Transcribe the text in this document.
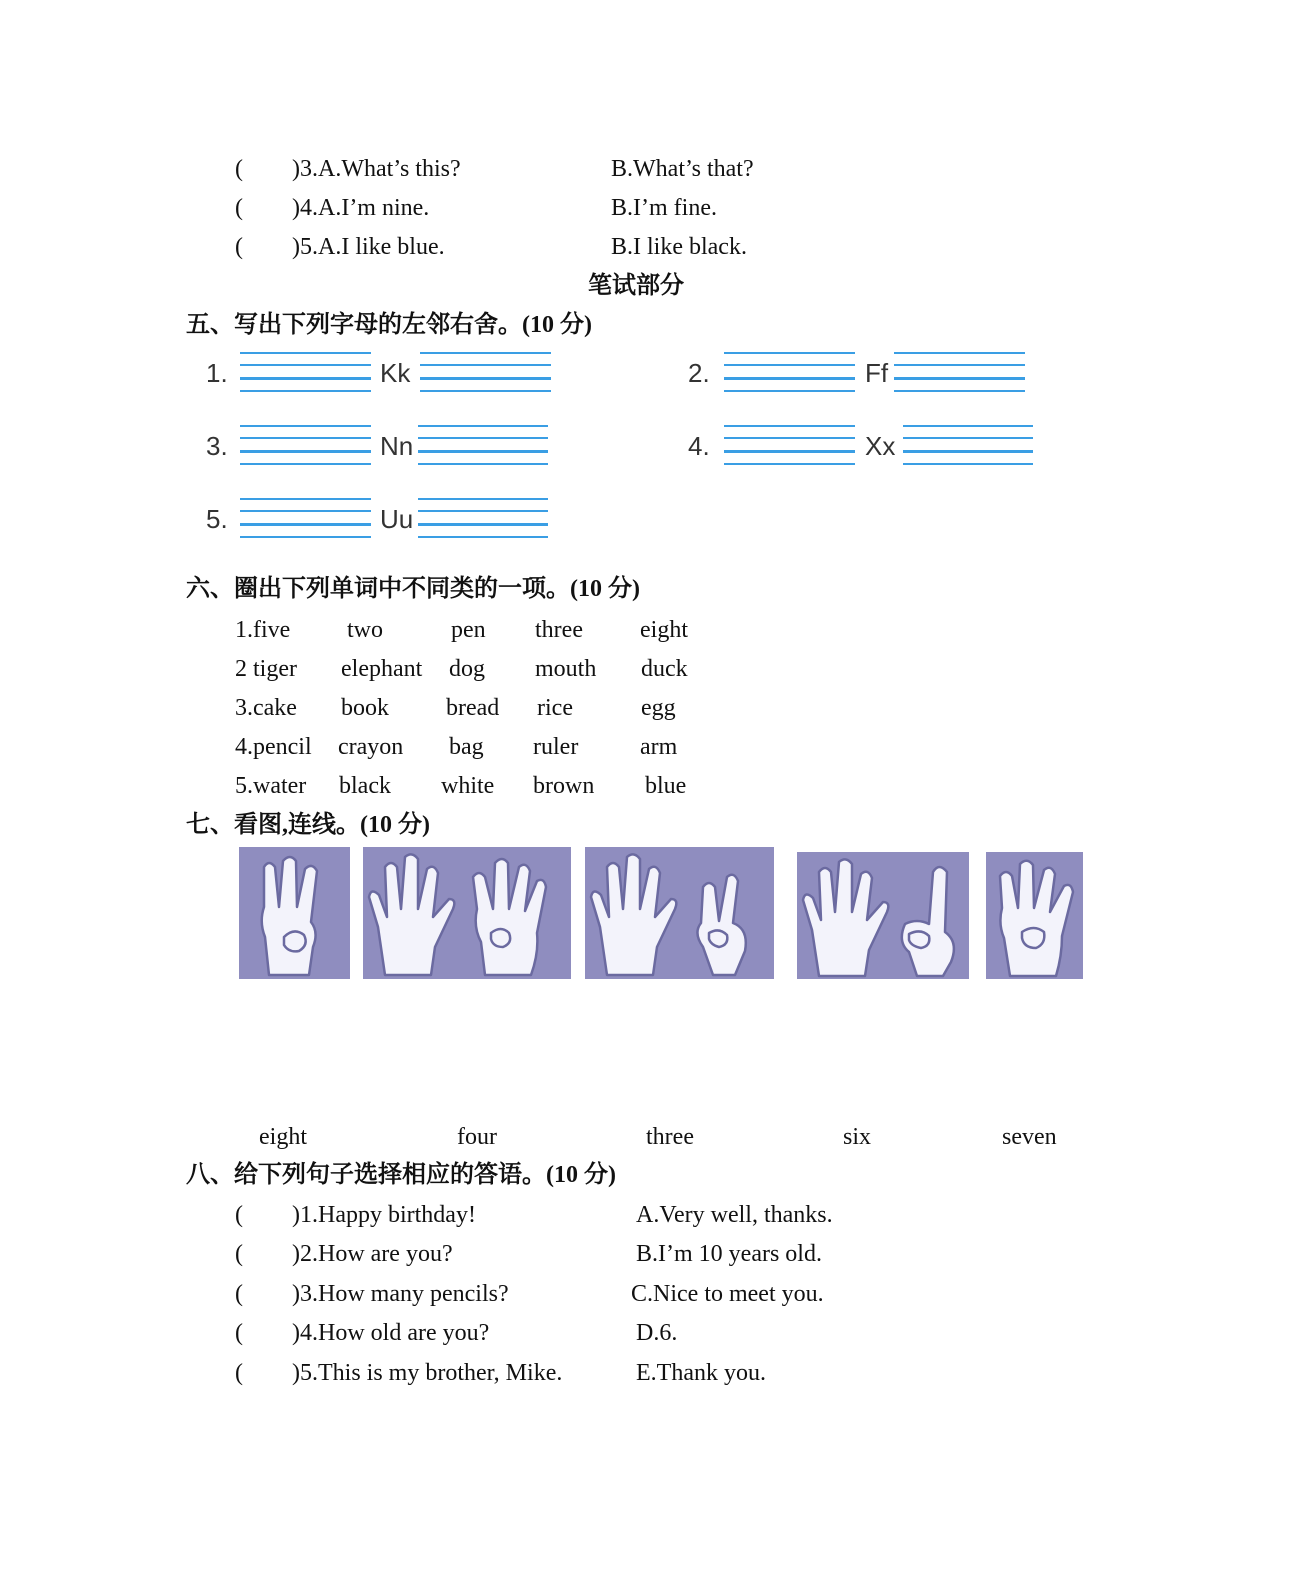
( )3.A.What’s this?	B.What’s that?
( )4.A.I’m nine.	B.I’m fine.
( )5.A.I like blue.	B.I like black.
笔试部分
五、写出下列字母的左邻右舍。(10 分)
1.	Kk	2.	Ff
3.	Nn	4.	Xx
5.	Uu
六、圈出下列单词中不同类的一项。(10 分)
1.five two	pen three eight
2 tiger elephant dog mouth duck
3.cake book bread rice	egg
4.pencil crayon bag ruler	arm
5.water black white brown blue
七、看图,连线。(10 分)
eight	four	three	six	seven
八、给下列句子选择相应的答语。(10 分)
( )1.Happy birthday!	A.Very well, thanks.
( )2.How are you?	B.I’m 10 years old.
( )3.How many pencils?	C.Nice to meet you.
( )4.How old are you?	D.6.
( )5.This is my brother, Mike.	E.Thank you.
